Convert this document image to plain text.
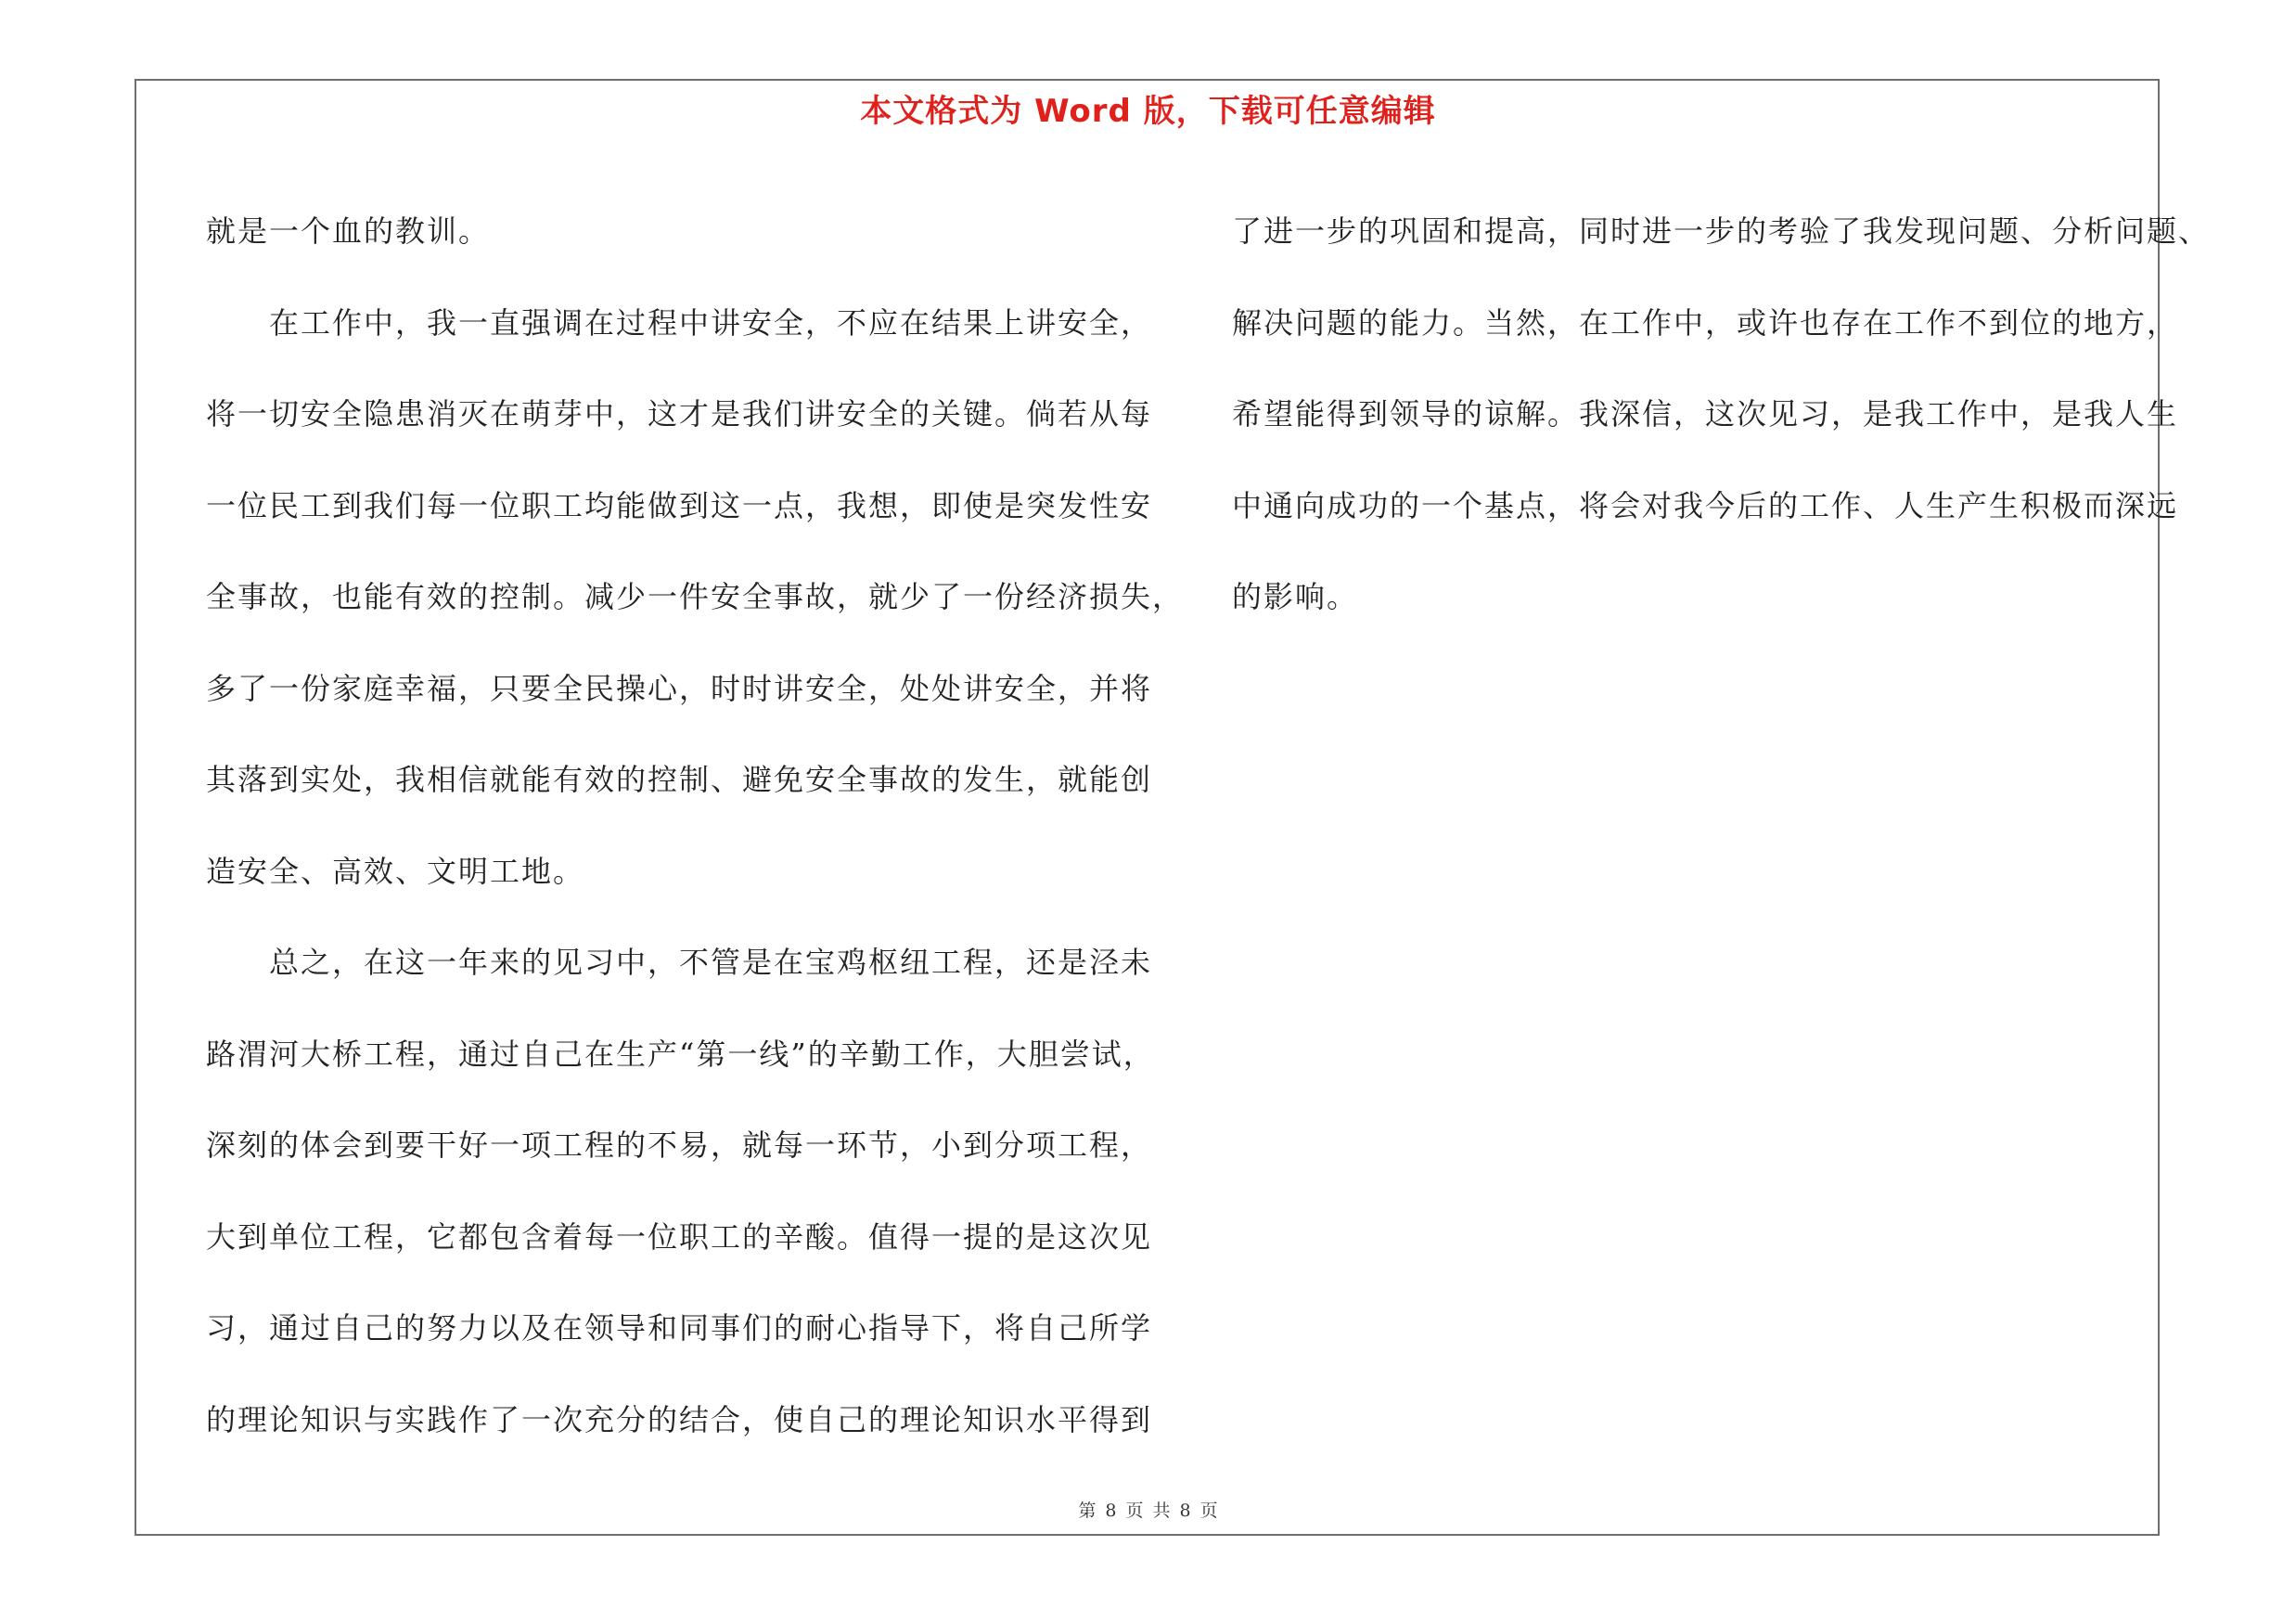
本文格式为 Word 版，下载可任意编辑
就是一个血的教训。
　　在工作中，我一直强调在过程中讲安全，不应在结果上讲安全，
将一切安全隐患消灭在萌芽中，这才是我们讲安全的关键。倘若从每
一位民工到我们每一位职工均能做到这一点，我想，即使是突发性安
全事故，也能有效的控制。减少一件安全事故，就少了一份经济损失，
多了一份家庭幸福，只要全民操心，时时讲安全，处处讲安全，并将
其落到实处，我相信就能有效的控制、避免安全事故的发生，就能创
造安全、高效、文明工地。
　　总之，在这一年来的见习中，不管是在宝鸡枢纽工程，还是泾未
路渭河大桥工程，通过自己在生产“第一线”的辛勤工作，大胆尝试，
深刻的体会到要干好一项工程的不易，就每一环节，小到分项工程，
大到单位工程，它都包含着每一位职工的辛酸。值得一提的是这次见
习，通过自己的努力以及在领导和同事们的耐心指导下，将自己所学
的理论知识与实践作了一次充分的结合，使自己的理论知识水平得到
了进一步的巩固和提高，同时进一步的考验了我发现问题、分析问题、
解决问题的能力。当然，在工作中，或许也存在工作不到位的地方，
希望能得到领导的谅解。我深信，这次见习，是我工作中，是我人生
中通向成功的一个基点，将会对我今后的工作、人生产生积极而深远
的影响。
第 8 页 共 8 页
